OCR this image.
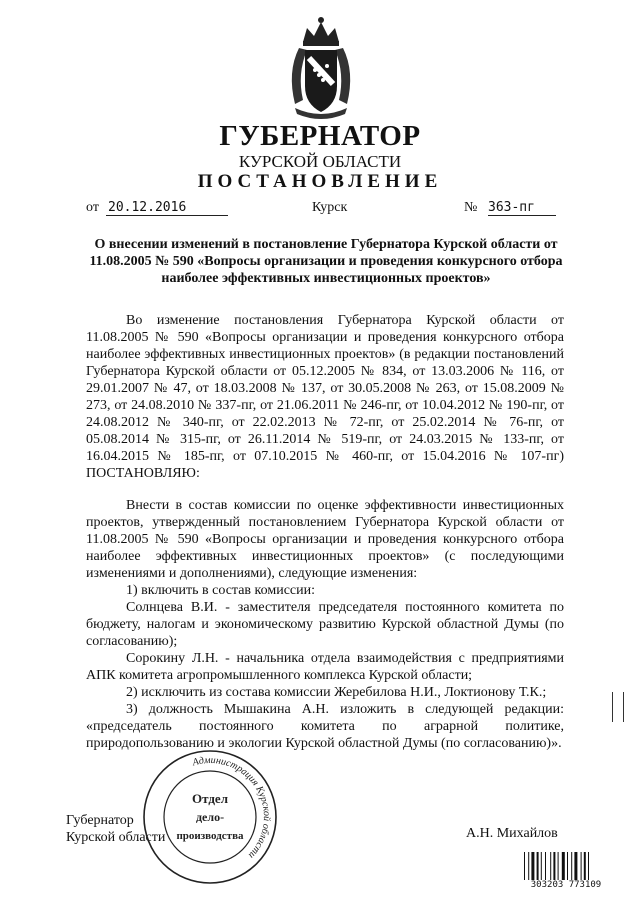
ГУБЕРНАТОР
КУРСКОЙ ОБЛАСТИ
ПОСТАНОВЛЕНИЕ
от 20.12.2016	Курск	№ 363-пг
О внесении изменений в постановление Губернатора Курской области от 11.08.2005 № 590 «Вопросы организации и проведения конкурсного отбора наиболее эффективных инвестиционных проектов»

Во изменение постановления Губернатора Курской области от 11.08.2005 № 590 «Вопросы организации и проведения конкурсного отбора наиболее эффективных инвестиционных проектов» (в редакции постановлений Губернатора Курской области от 05.12.2005 № 834, от 13.03.2006 № 116, от 29.01.2007 № 47, от 18.03.2008 № 137, от 30.05.2008 № 263, от 15.08.2009 № 273, от 24.08.2010 № 337-пг, от 21.06.2011 № 246-пг, от 10.04.2012 № 190-пг, от 24.08.2012 № 340-пг, от 22.02.2013 № 72-пг, от 25.02.2014 № 76-пг, от 05.08.2014 № 315-пг, от 26.11.2014 № 519-пг, от 24.03.2015 № 133-пг, от 16.04.2015 № 185-пг, от 07.10.2015 № 460-пг, от 15.04.2016 № 107-пг) ПОСТАНОВЛЯЮ:

Внести в состав комиссии по оценке эффективности инвестиционных проектов, утвержденный постановлением Губернатора Курской области от 11.08.2005 № 590 «Вопросы организации и проведения конкурсного отбора наиболее эффективных инвестиционных проектов» (с последующими изменениями и дополнениями), следующие изменения:

1) включить в состав комиссии:

Солнцева В.И. - заместителя председателя постоянного комитета по бюджету, налогам и экономическому развитию Курской областной Думы (по согласованию);

Сорокину Л.Н. - начальника отдела взаимодействия с предприятиями АПК комитета агропромышленного комплекса Курской области;

2) исключить из состава комиссии Жеребилова Н.И., Локтионову Т.К.;

3) должность Мышакина А.Н. изложить в следующей редакции: «председатель постоянного комитета по аграрной политике, природопользованию и экологии Курской областной Думы (по согласованию)».

Губернатор
Курской области	А.Н. Михайлов
Администрация Курской области
Отдел
дело-
производства
303203 773109
